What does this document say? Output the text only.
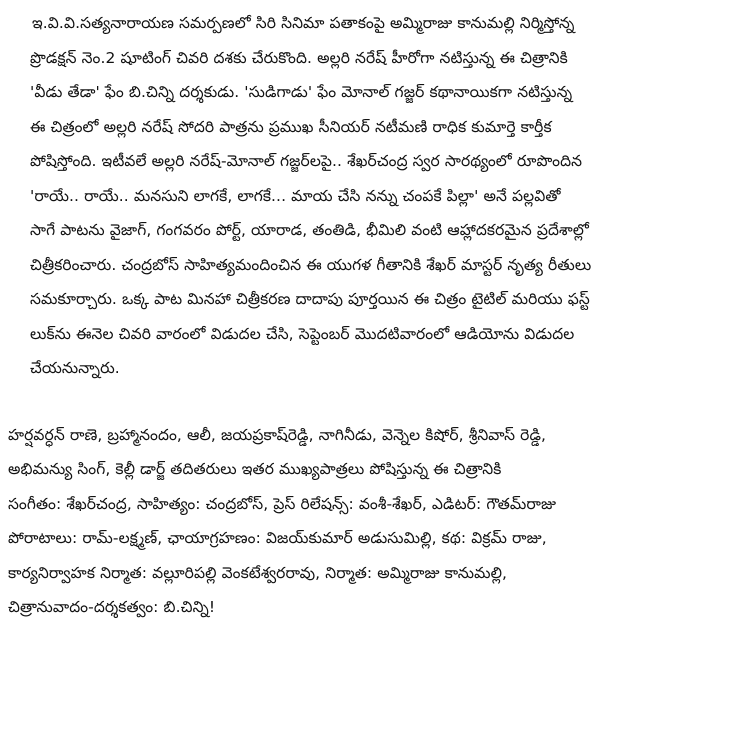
ఇ.వి.వి.సత్యనారాయణ సమర్పణలో సిరి సినిమా పతాకంపై అమ్మిరాజు కానుమల్లి నిర్మిస్తోన్న
ప్రొడక్షన్ నెం.2 షూటింగ్ చివరి దశకు చేరుకొంది. అల్లరి నరేష్ హీరోగా నటిస్తున్న ఈ చిత్రానికి
'వీడు తేడా' ఫేం బి.చిన్ని దర్శకుడు. 'సుడిగాడు' ఫేం మోనాల్ గజ్జర్ కథానాయికగా నటిస్తున్న
ఈ చిత్రంలో అల్లరి నరేష్ సోదరి పాత్రను ప్రముఖ సీనియర్ నటీమణి రాధిక కుమార్తె కార్తీక
పోషిస్తోంది. ఇటీవలే అల్లరి నరేష్-మోనాల్ గజ్జర్‌లపై.. శేఖర్‌చంద్ర స్వర సారథ్యంలో రూపొందిన
'రాయే.. రాయే.. మనసుని లాగకే, లాగకే... మాయ చేసి నన్ను చంపకే పిల్లా' అనే పల్లవితో
సాగే పాటను వైజాగ్, గంగవరం పోర్ట్, యారాడ, తంతిడి, భీమిలి వంటి ఆహ్లాదకరమైన ప్రదేశాల్లో
చిత్రీకరించారు. చంద్రబోస్ సాహిత్యమందించిన ఈ యుగళ గీతానికి శేఖర్ మాస్టర్ నృత్య రీతులు
సమకూర్చారు. ఒక్క పాట మినహా చిత్రీకరణ దాదాపు పూర్తయిన ఈ చిత్రం టైటిల్ మరియు ఫస్ట్
లుక్‌ను ఈనెల చివరి వారంలో విడుదల చేసి, సెప్టెంబర్ మొదటివారంలో ఆడియోను విడుదల
చేయనున్నారు.
హర్షవర్ధన్ రాణె, బ్రహ్మానందం, ఆలీ, జయప్రకాష్‌రెడ్డి, నాగినీడు, వెన్నెల కిషోర్, శ్రీనివాస్ రెడ్డి,
అభిమన్యు సింగ్, కెల్లీ డార్జ్ తదితరులు ఇతర ముఖ్యపాత్రలు పోషిస్తున్న ఈ చిత్రానికి
సంగీతం: శేఖర్‌చంద్ర, సాహిత్యం: చంద్రబోస్, ప్రెస్ రిలేషన్స్: వంశీ-శేఖర్, ఎడిటర్: గౌతమ్‌రాజు
పోరాటాలు: రామ్-లక్ష్మణ్, ఛాయాగ్రహణం: విజయ్‌కుమార్ అడుసుమిల్లి, కథ: విక్రమ్ రాజు,
కార్యనిర్వాహక నిర్మాత: వల్లూరిపల్లి వెంకటేశ్వరరావు, నిర్మాత: అమ్మిరాజు కానుమల్లి,
చిత్రానువాదం-దర్శకత్వం: బి.చిన్ని!
